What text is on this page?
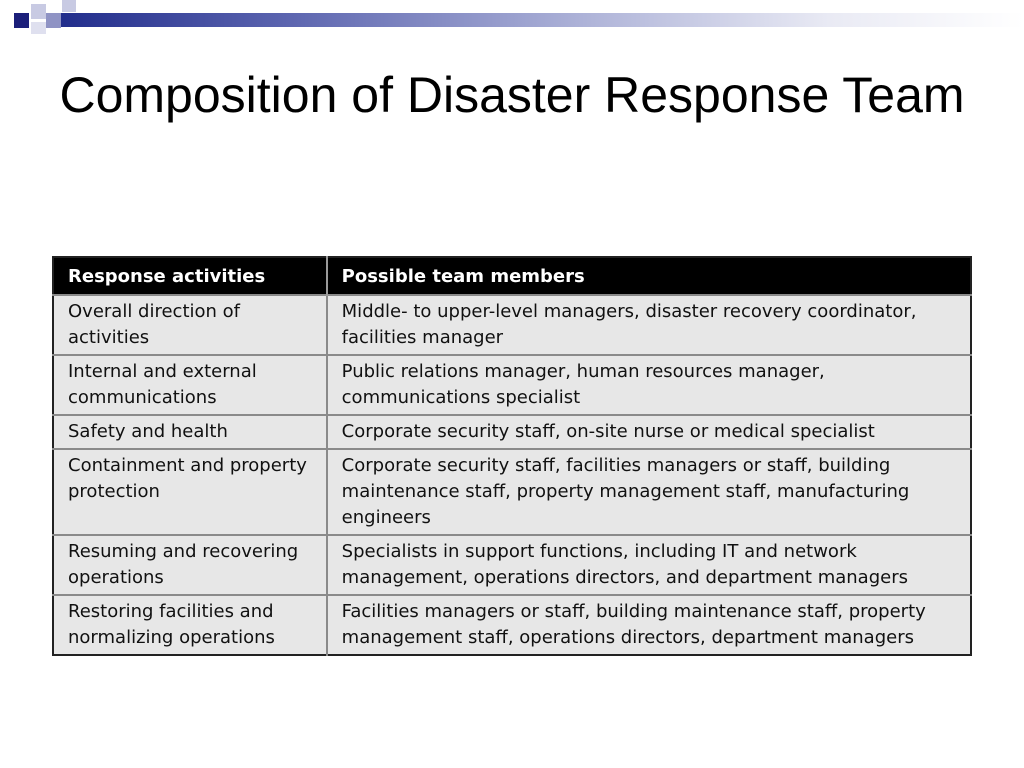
Composition of Disaster Response Team
Response activities	Possible team members
Overall direction of activities	Middle- to upper-level managers, disaster recovery coordinator, facilities manager
Internal and external communications	Public relations manager, human resources manager, communications specialist
Safety and health	Corporate security staff, on-site nurse or medical specialist
Containment and property protection	Corporate security staff, facilities managers or staff, building maintenance staff, property management staff, manufacturing engineers
Resuming and recovering operations	Specialists in support functions, including IT and network management, operations directors, and department managers
Restoring facilities and normalizing operations	Facilities managers or staff, building maintenance staff, property management staff, operations directors, department managers
